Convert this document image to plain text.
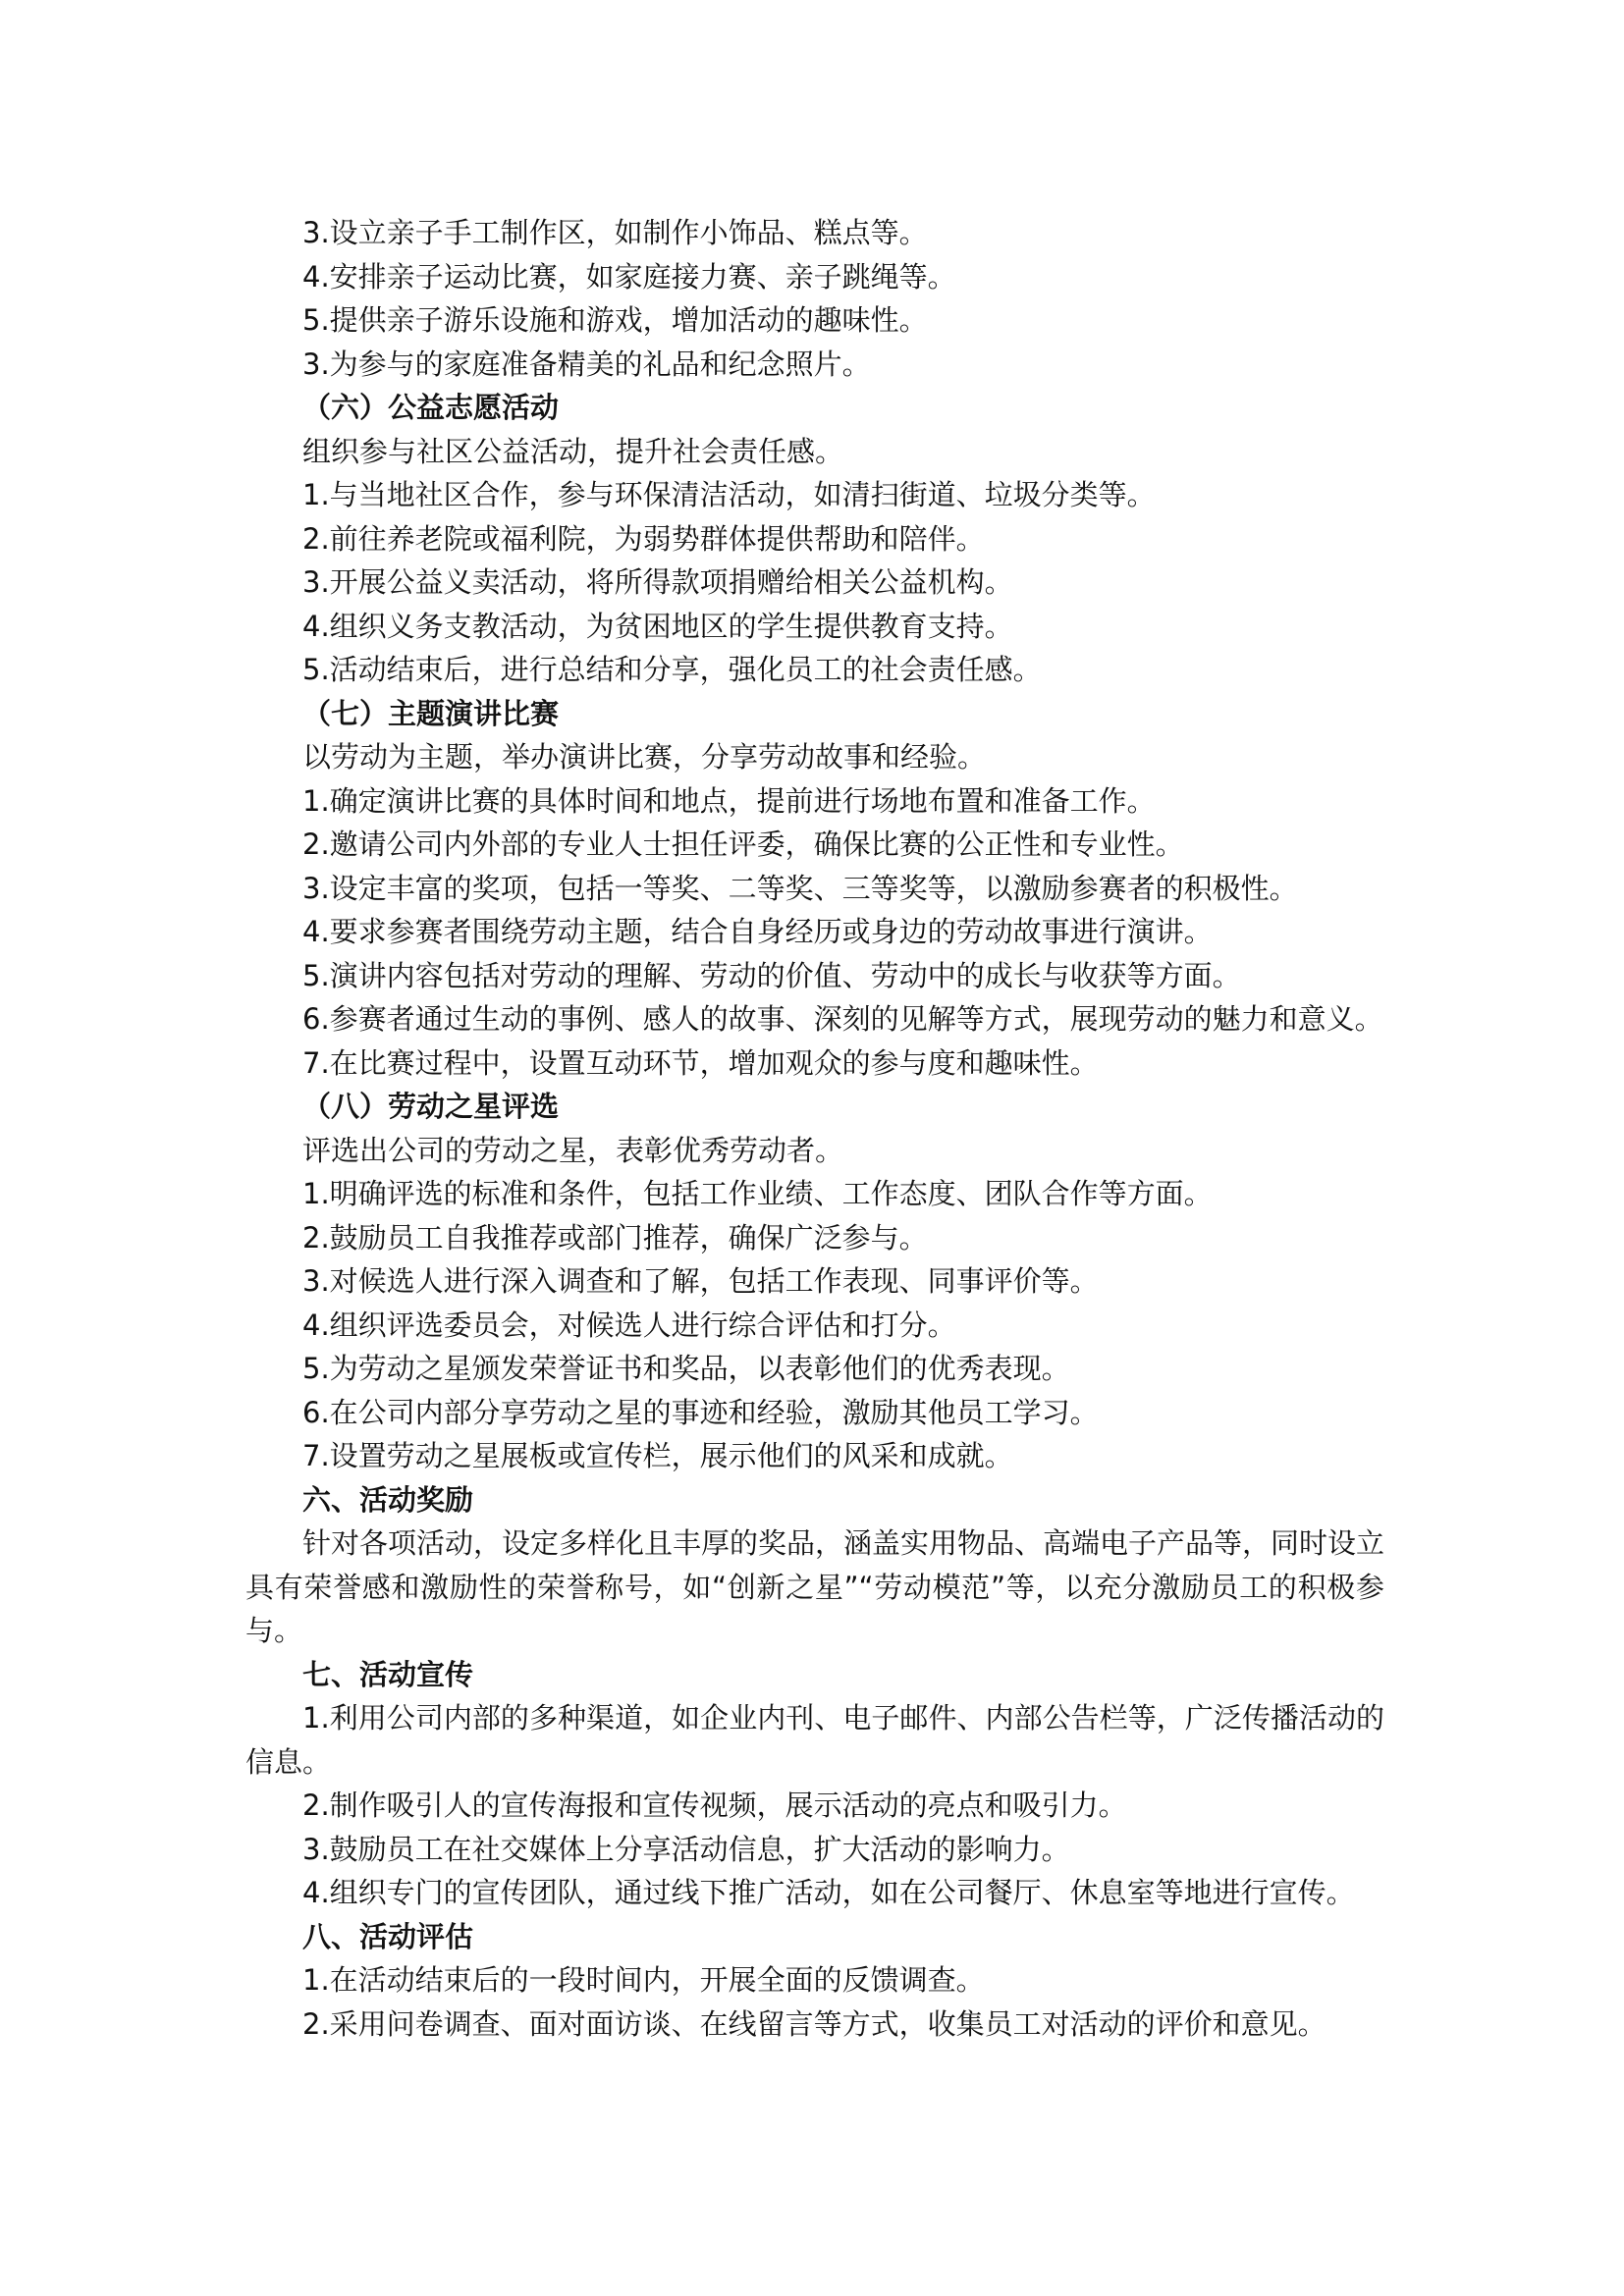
3.设立亲子手工制作区，如制作小饰品、糕点等。

4.安排亲子运动比赛，如家庭接力赛、亲子跳绳等。

5.提供亲子游乐设施和游戏，增加活动的趣味性。

3.为参与的家庭准备精美的礼品和纪念照片。

（六）公益志愿活动

组织参与社区公益活动，提升社会责任感。

1.与当地社区合作，参与环保清洁活动，如清扫街道、垃圾分类等。

2.前往养老院或福利院，为弱势群体提供帮助和陪伴。

3.开展公益义卖活动，将所得款项捐赠给相关公益机构。

4.组织义务支教活动，为贫困地区的学生提供教育支持。

5.活动结束后，进行总结和分享，强化员工的社会责任感。

（七）主题演讲比赛

以劳动为主题，举办演讲比赛，分享劳动故事和经验。

1.确定演讲比赛的具体时间和地点，提前进行场地布置和准备工作。

2.邀请公司内外部的专业人士担任评委，确保比赛的公正性和专业性。

3.设定丰富的奖项，包括一等奖、二等奖、三等奖等，以激励参赛者的积极性。

4.要求参赛者围绕劳动主题，结合自身经历或身边的劳动故事进行演讲。

5.演讲内容包括对劳动的理解、劳动的价值、劳动中的成长与收获等方面。

6.参赛者通过生动的事例、感人的故事、深刻的见解等方式，展现劳动的魅力和意义。

7.在比赛过程中，设置互动环节，增加观众的参与度和趣味性。

（八）劳动之星评选

评选出公司的劳动之星，表彰优秀劳动者。

1.明确评选的标准和条件，包括工作业绩、工作态度、团队合作等方面。

2.鼓励员工自我推荐或部门推荐，确保广泛参与。

3.对候选人进行深入调查和了解，包括工作表现、同事评价等。

4.组织评选委员会，对候选人进行综合评估和打分。

5.为劳动之星颁发荣誉证书和奖品，以表彰他们的优秀表现。

6.在公司内部分享劳动之星的事迹和经验，激励其他员工学习。

7.设置劳动之星展板或宣传栏，展示他们的风采和成就。

六、活动奖励

针对各项活动，设定多样化且丰厚的奖品，涵盖实用物品、高端电子产品等，同时设立具有荣誉感和激励性的荣誉称号，如“创新之星”“劳动模范”等，以充分激励员工的积极参与。

七、活动宣传

1.利用公司内部的多种渠道，如企业内刊、电子邮件、内部公告栏等，广泛传播活动的信息。

2.制作吸引人的宣传海报和宣传视频，展示活动的亮点和吸引力。

3.鼓励员工在社交媒体上分享活动信息，扩大活动的影响力。

4.组织专门的宣传团队，通过线下推广活动，如在公司餐厅、休息室等地进行宣传。

八、活动评估

1.在活动结束后的一段时间内，开展全面的反馈调查。

2.采用问卷调查、面对面访谈、在线留言等方式，收集员工对活动的评价和意见。
